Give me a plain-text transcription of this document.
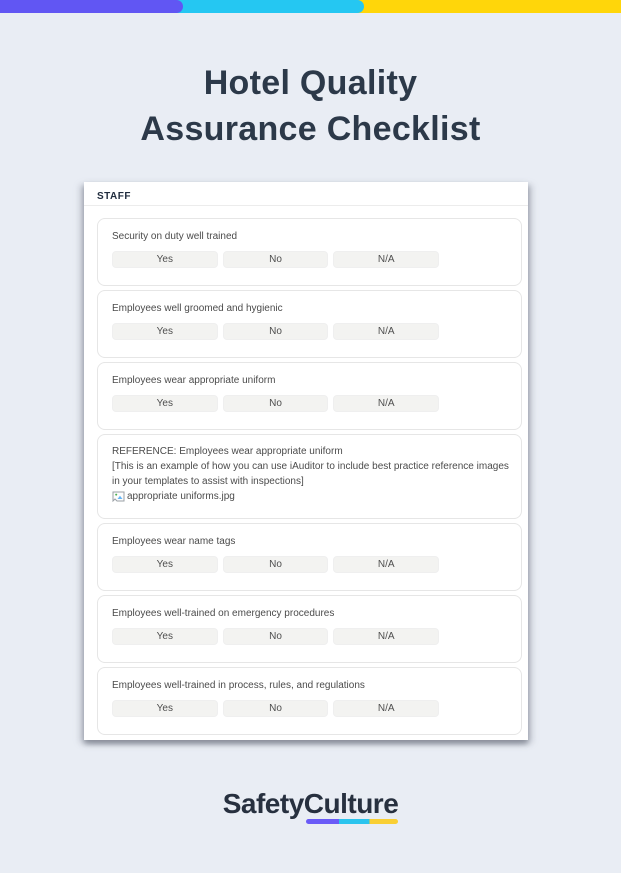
Hotel Quality
Assurance Checklist
STAFF
Security on duty well trained
Yes	No	N/A
Employees well groomed and hygienic
Yes	No	N/A
Employees wear appropriate uniform
Yes	No	N/A
REFERENCE: Employees wear appropriate uniform
[This is an example of how you can use iAuditor to include best practice reference images in your templates to assist with inspections]
appropriate uniforms.jpg
Employees wear name tags
Yes	No	N/A
Employees well-trained on emergency procedures
Yes	No	N/A
Employees well-trained in process, rules, and regulations
Yes	No	N/A
SafetyCulture
